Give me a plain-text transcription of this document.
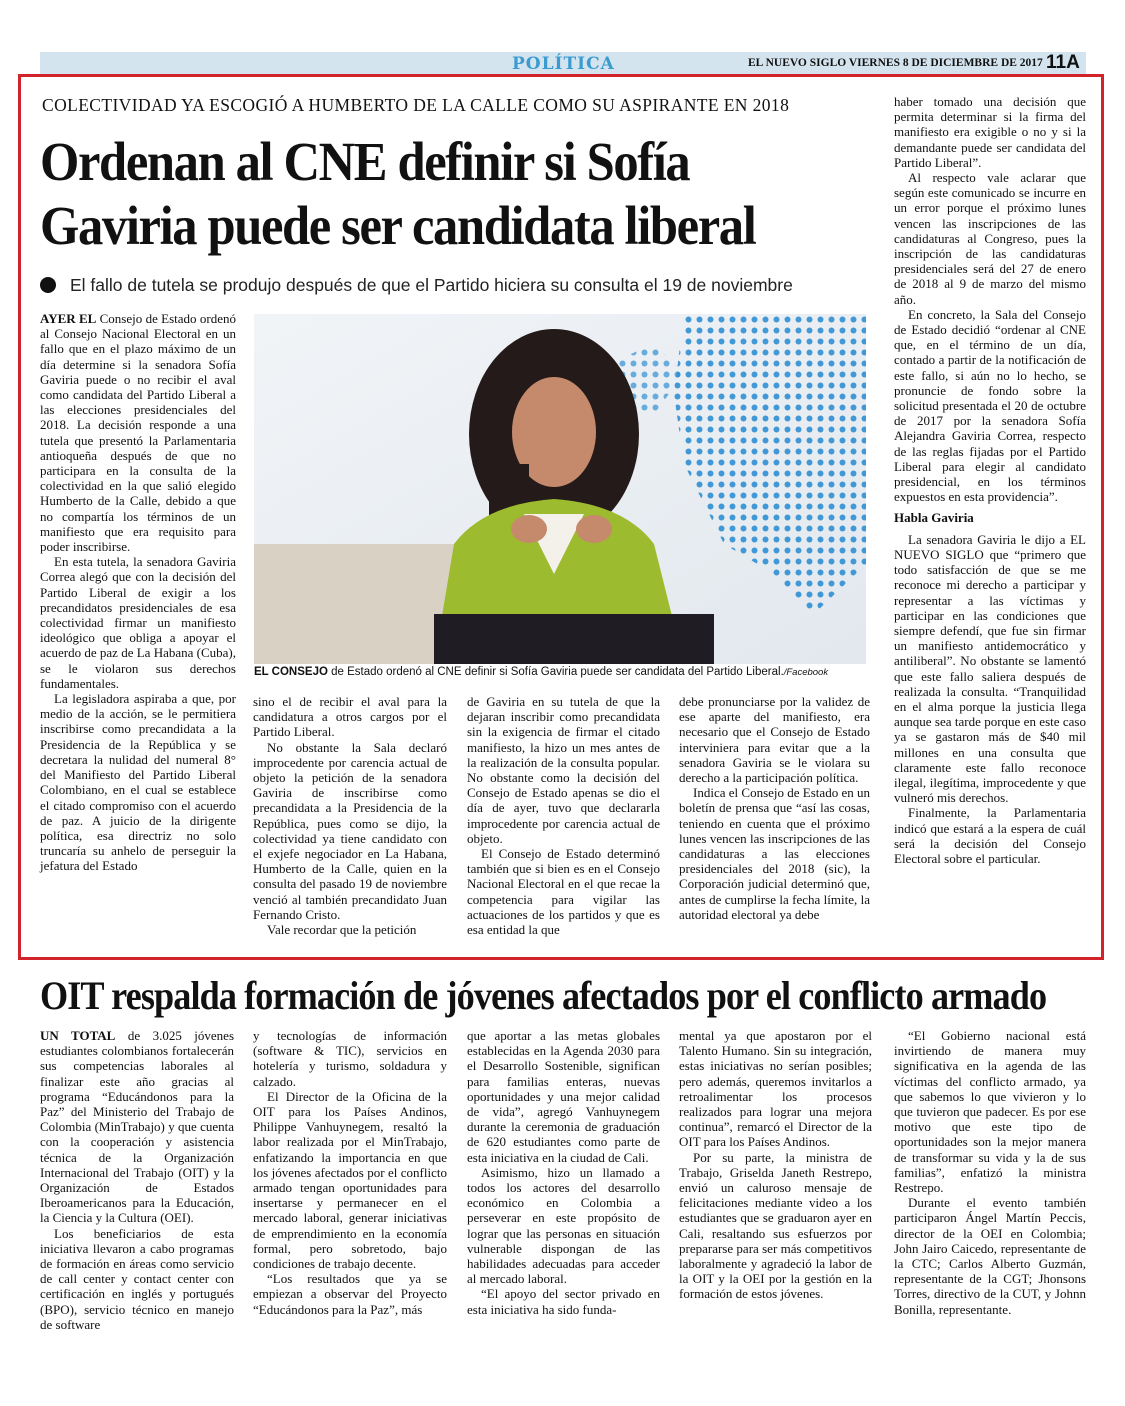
POLÍTICA	EL NUEVO SIGLO VIERNES 8 DE DICIEMBRE DE 2017 11A
COLECTIVIDAD YA ESCOGIÓ A HUMBERTO DE LA CALLE COMO SU ASPIRANTE EN 2018
Ordenan al CNE definir si Sofía Gaviria puede ser candidata liberal
El fallo de tutela se produjo después de que el Partido hiciera su consulta el 19 de noviembre

AYER EL Consejo de Estado ordenó al Consejo Nacional Electoral en un fallo que en el plazo máximo de un día determine si la senadora Sofía Gaviria puede o no recibir el aval como candidata del Partido Liberal a las elecciones presidenciales del 2018. La decisión responde a una tutela que presentó la Parlamentaria antioqueña después de que no participara en la consulta de la colectividad en la que salió elegido Humberto de la Calle, debido a que no compartía los términos de un manifiesto que era requisito para poder inscribirse.

En esta tutela, la senadora Gaviria Correa alegó que con la decisión del Partido Liberal de exigir a los precandidatos presidenciales de esa colectividad firmar un manifiesto ideológico que obliga a apoyar el acuerdo de paz de La Habana (Cuba), se le violaron sus derechos fundamentales.

La legisladora aspiraba a que, por medio de la acción, se le permitiera inscribirse como precandidata a la Presidencia de la República y se decretara la nulidad del numeral 8° del Manifiesto del Partido Liberal Colombiano, en el cual se establece el citado compromiso con el acuerdo de paz. A juicio de la dirigente política, esa directriz no solo truncaría su anhelo de perseguir la jefatura del Estado

EL CONSEJO de Estado ordenó al CNE definir si Sofía Gaviria puede ser candidata del Partido Liberal./Facebook

sino el de recibir el aval para la candidatura a otros cargos por el Partido Liberal.

No obstante la Sala declaró improcedente por carencia actual de objeto la petición de la senadora Gaviria de inscribirse como precandidata a la Presidencia de la República, pues como se dijo, la colectividad ya tiene candidato con el exjefe negociador en La Habana, Humberto de la Calle, quien en la consulta del pasado 19 de noviembre venció al también precandidato Juan Fernando Cristo.

Vale recordar que la petición

de Gaviria en su tutela de que la dejaran inscribir como precandidata sin la exigencia de firmar el citado manifiesto, la hizo un mes antes de la realización de la consulta popular. No obstante como la decisión del Consejo de Estado apenas se dio el día de ayer, tuvo que declararla improcedente por carencia actual de objeto.

El Consejo de Estado determinó también que si bien es en el Consejo Nacional Electoral en el que recae la competencia para vigilar las actuaciones de los partidos y que es esa entidad la que

debe pronunciarse por la validez de ese aparte del manifiesto, era necesario que el Consejo de Estado interviniera para evitar que a la senadora Gaviria se le violara su derecho a la participación política.

Indica el Consejo de Estado en un boletín de prensa que “así las cosas, teniendo en cuenta que el próximo lunes vencen las inscripciones de las candidaturas a las elecciones presidenciales del 2018 (sic), la Corporación judicial determinó que, antes de cumplirse la fecha límite, la autoridad electoral ya debe

haber tomado una decisión que permita determinar si la firma del manifiesto era exigible o no y si la demandante puede ser candidata del Partido Liberal”.

Al respecto vale aclarar que según este comunicado se incurre en un error porque el próximo lunes vencen las inscripciones de las candidaturas al Congreso, pues la inscripción de las candidaturas presidenciales será del 27 de enero de 2018 al 9 de marzo del mismo año.

En concreto, la Sala del Consejo de Estado decidió “ordenar al CNE que, en el término de un día, contado a partir de la notificación de este fallo, si aún no lo hecho, se pronuncie de fondo sobre la solicitud presentada el 20 de octubre de 2017 por la senadora Sofía Alejandra Gaviria Correa, respecto de las reglas fijadas por el Partido Liberal para elegir al candidato presidencial, en los términos expuestos en esta providencia”.

Habla Gaviria

La senadora Gaviria le dijo a EL NUEVO SIGLO que “primero que todo satisfacción de que se me reconoce mi derecho a participar y representar a las víctimas y participar en las condiciones que siempre defendí, que fue sin firmar un manifiesto antidemocrático y antiliberal”. No obstante se lamentó que este fallo saliera después de realizada la consulta. “Tranquilidad en el alma porque la justicia llega aunque sea tarde porque en este caso ya se gastaron más de $40 mil millones en una consulta que claramente este fallo reconoce ilegal, ilegítima, improcedente y que vulneró mis derechos.

Finalmente, la Parlamentaria indicó que estará a la espera de cuál será la decisión del Consejo Electoral sobre el particular.

OIT respalda formación de jóvenes afectados por el conflicto armado

UN TOTAL de 3.025 jóvenes estudiantes colombianos fortalecerán sus competencias laborales al finalizar este año gracias al programa “Educándonos para la Paz” del Ministerio del Trabajo de Colombia (MinTrabajo) y que cuenta con la cooperación y asistencia técnica de la Organización Internacional del Trabajo (OIT) y la Organización de Estados Iberoamericanos para la Educación, la Ciencia y la Cultura (OEI).

Los beneficiarios de esta iniciativa llevaron a cabo programas de formación en áreas como servicio de call center y contact center con certificación en inglés y portugués (BPO), servicio técnico en manejo de software

y tecnologías de información (software & TIC), servicios en hotelería y turismo, soldadura y calzado.

El Director de la Oficina de la OIT para los Países Andinos, Philippe Vanhuynegem, resaltó la labor realizada por el MinTrabajo, enfatizando la importancia en que los jóvenes afectados por el conflicto armado tengan oportunidades para insertarse y permanecer en el mercado laboral, generar iniciativas de emprendimiento en la economía formal, pero sobretodo, bajo condiciones de trabajo decente.

“Los resultados que ya se empiezan a observar del Proyecto “Educándonos para la Paz”, más

que aportar a las metas globales establecidas en la Agenda 2030 para el Desarrollo Sostenible, significan para familias enteras, nuevas oportunidades y una mejor calidad de vida”, agregó Vanhuynegem durante la ceremonia de graduación de 620 estudiantes como parte de esta iniciativa en la ciudad de Cali.

Asimismo, hizo un llamado a todos los actores del desarrollo económico en Colombia a perseverar en este propósito de lograr que las personas en situación vulnerable dispongan de las habilidades adecuadas para acceder al mercado laboral.

“El apoyo del sector privado en esta iniciativa ha sido funda-

mental ya que apostaron por el Talento Humano. Sin su integración, estas iniciativas no serían posibles; pero además, queremos invitarlos a retroalimentar los procesos realizados para lograr una mejora continua”, remarcó el Director de la OIT para los Países Andinos.

Por su parte, la ministra de Trabajo, Griselda Janeth Restrepo, envió un caluroso mensaje de felicitaciones mediante video a los estudiantes que se graduaron ayer en Cali, resaltando sus esfuerzos por prepararse para ser más competitivos laboralmente y agradeció la labor de la OIT y la OEI por la gestión en la formación de estos jóvenes.

“El Gobierno nacional está invirtiendo de manera muy significativa en la agenda de las víctimas del conflicto armado, ya que sabemos lo que vivieron y lo que tuvieron que padecer. Es por ese motivo que este tipo de oportunidades son la mejor manera de transformar su vida y la de sus familias”, enfatizó la ministra Restrepo.

Durante el evento también participaron Ángel Martín Peccis, director de la OEI en Colombia; John Jairo Caicedo, representante de la CTC; Carlos Alberto Guzmán, representante de la CGT; Jhonsons Torres, directivo de la CUT, y Johnn Bonilla, representante.
